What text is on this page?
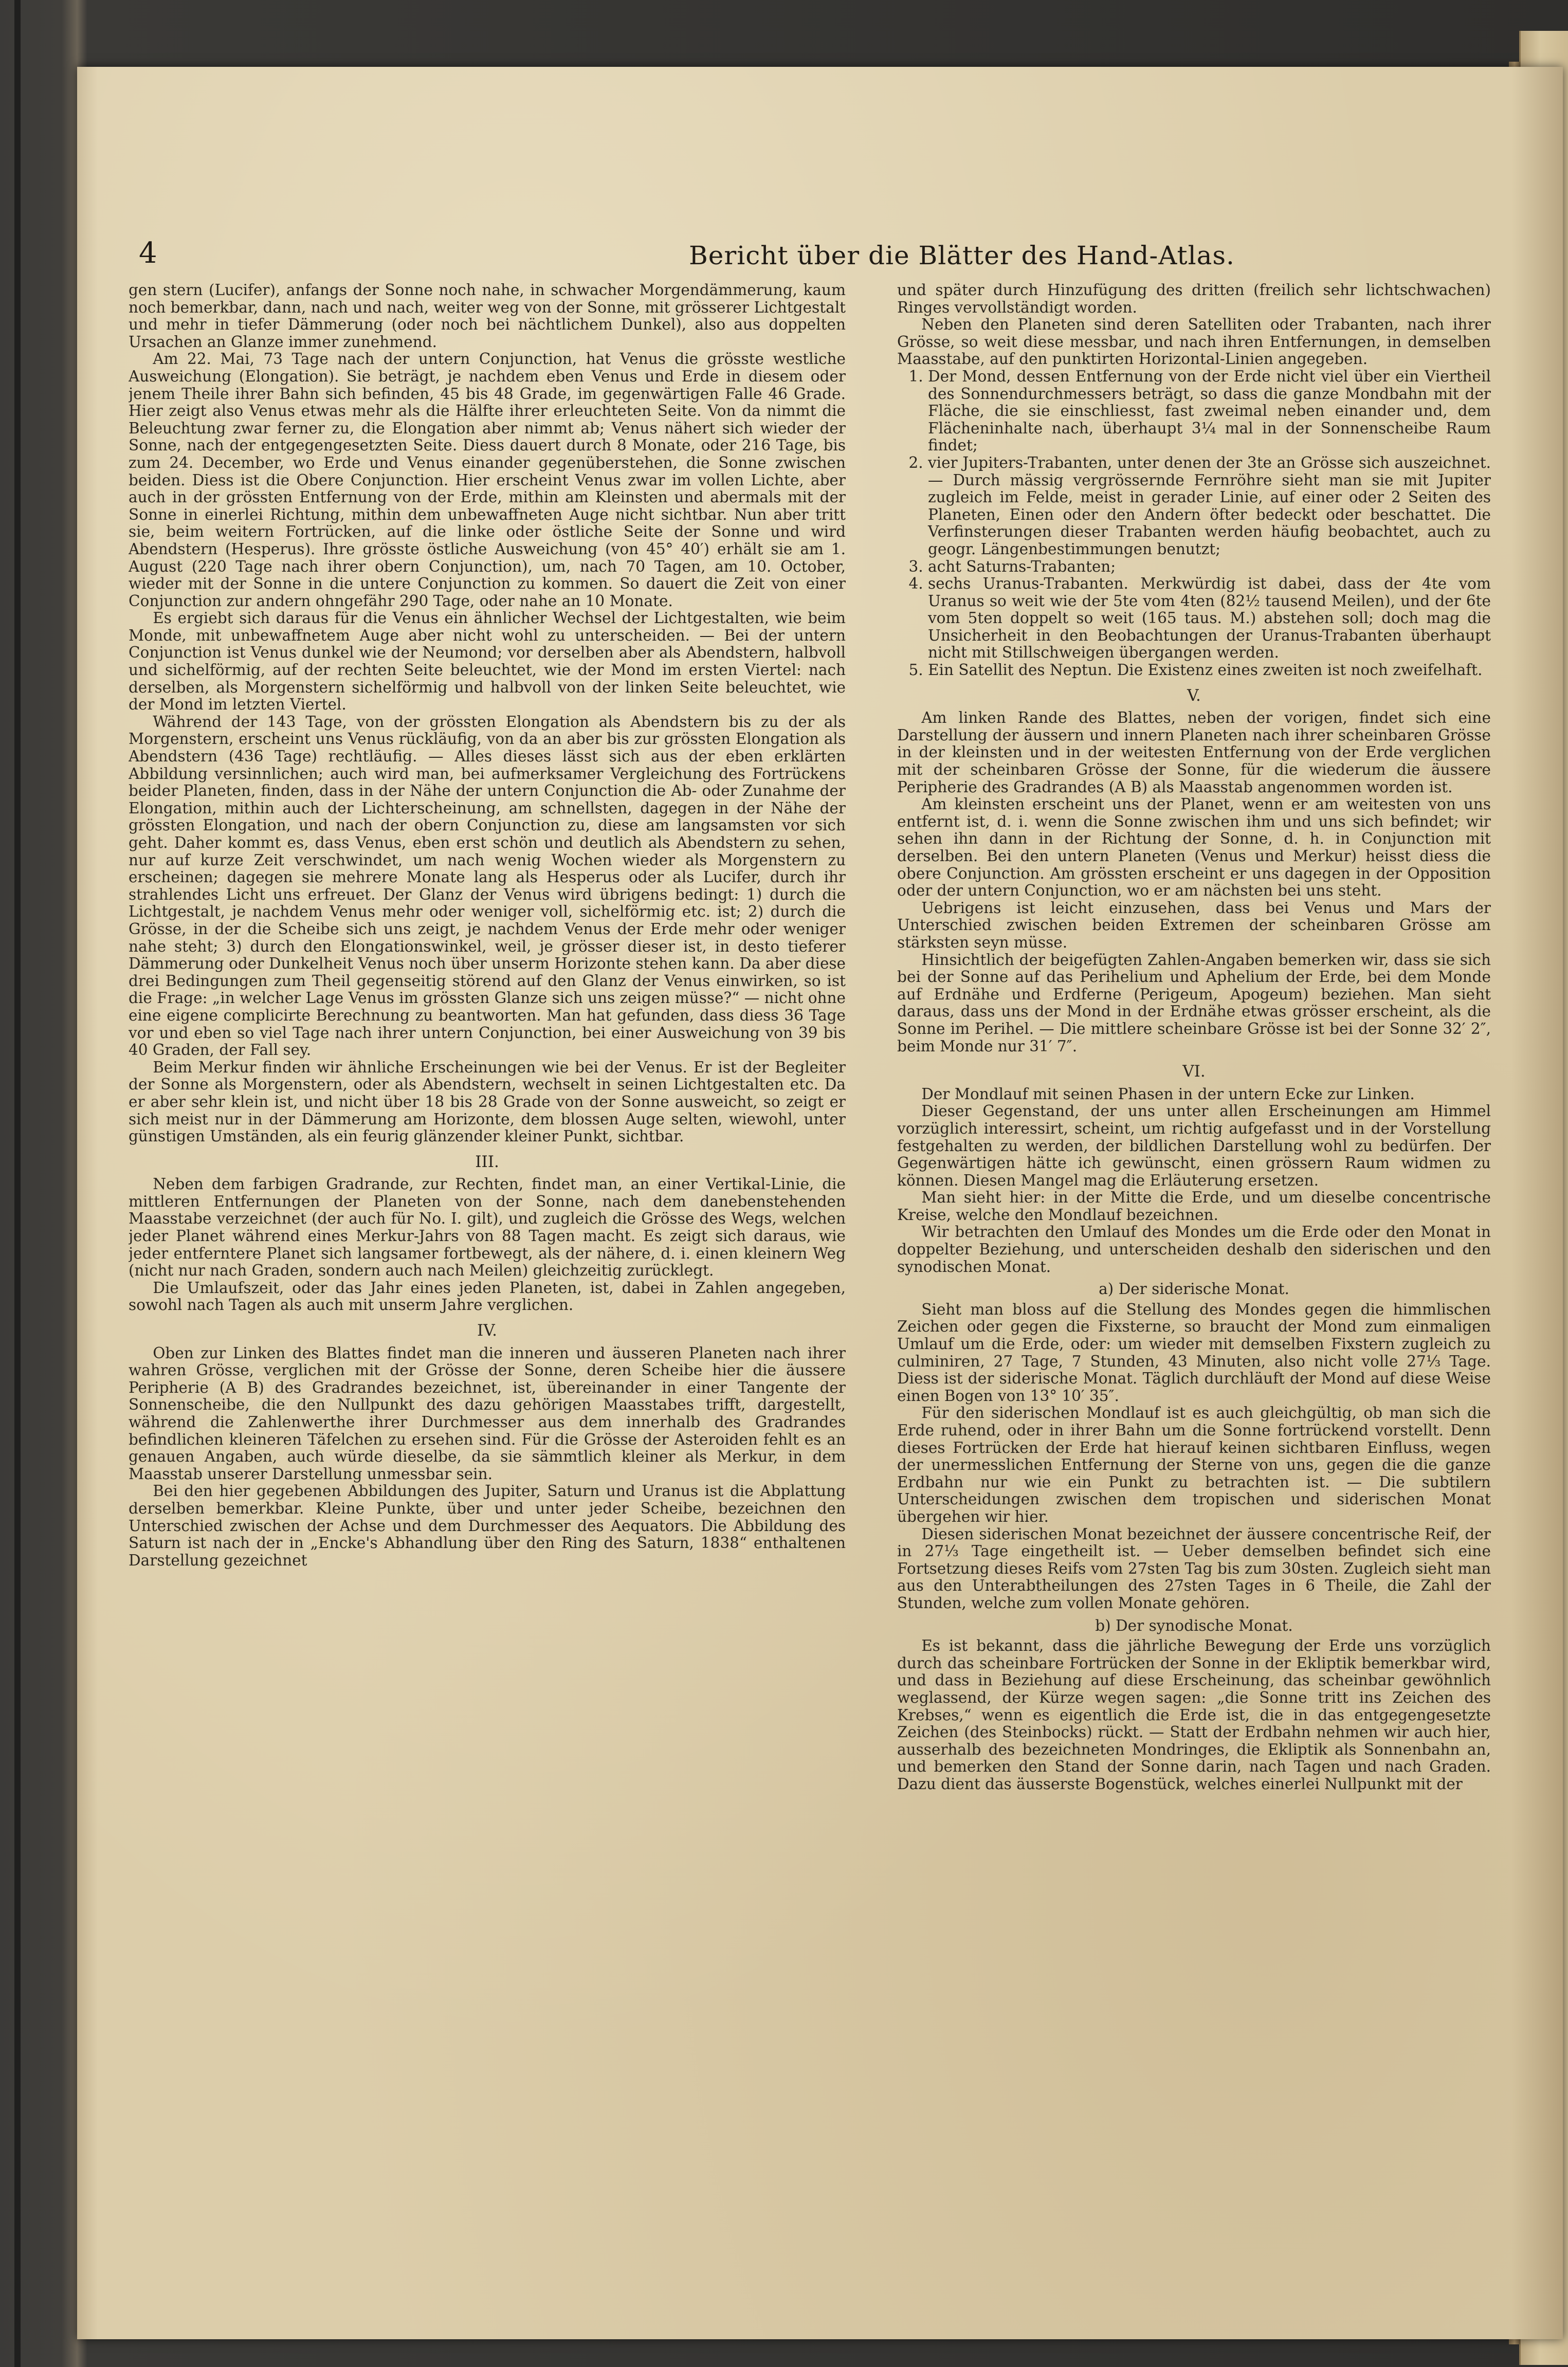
4	Bericht über die Blätter des Hand-Atlas.

gen stern (Lucifer), anfangs der Sonne noch nahe, in schwacher Morgendämmerung, kaum noch bemerkbar, dann, nach und nach, weiter weg von der Sonne, mit grösserer Lichtgestalt und mehr in tiefer Dämmerung (oder noch bei nächtlichem Dunkel), also aus doppelten Ursachen an Glanze immer zunehmend.

Am 22. Mai, 73 Tage nach der untern Conjunction, hat Venus die grösste westliche Ausweichung (Elongation). Sie beträgt, je nachdem eben Venus und Erde in diesem oder jenem Theile ihrer Bahn sich befinden, 45 bis 48 Grade, im gegenwärtigen Falle 46 Grade. Hier zeigt also Venus etwas mehr als die Hälfte ihrer erleuchteten Seite. Von da nimmt die Beleuchtung zwar ferner zu, die Elongation aber nimmt ab; Venus nähert sich wieder der Sonne, nach der entgegengesetzten Seite. Diess dauert durch 8 Monate, oder 216 Tage, bis zum 24. December, wo Erde und Venus einander gegenüberstehen, die Sonne zwischen beiden. Diess ist die Obere Conjunction. Hier erscheint Venus zwar im vollen Lichte, aber auch in der grössten Entfernung von der Erde, mithin am Kleinsten und abermals mit der Sonne in einerlei Richtung, mithin dem unbewaffneten Auge nicht sichtbar. Nun aber tritt sie, beim weitern Fortrücken, auf die linke oder östliche Seite der Sonne und wird Abendstern (Hesperus). Ihre grösste östliche Ausweichung (von 45° 40′) erhält sie am 1. August (220 Tage nach ihrer obern Conjunction), um, nach 70 Tagen, am 10. October, wieder mit der Sonne in die untere Conjunction zu kommen. So dauert die Zeit von einer Conjunction zur andern ohngefähr 290 Tage, oder nahe an 10 Monate.

Es ergiebt sich daraus für die Venus ein ähnlicher Wechsel der Lichtgestalten, wie beim Monde, mit unbewaffnetem Auge aber nicht wohl zu unterscheiden. — Bei der untern Conjunction ist Venus dunkel wie der Neumond; vor derselben aber als Abendstern, halbvoll und sichelförmig, auf der rechten Seite beleuchtet, wie der Mond im ersten Viertel: nach derselben, als Morgenstern sichelförmig und halbvoll von der linken Seite beleuchtet, wie der Mond im letzten Viertel.

Während der 143 Tage, von der grössten Elongation als Abendstern bis zu der als Morgenstern, erscheint uns Venus rückläufig, von da an aber bis zur grössten Elongation als Abendstern (436 Tage) rechtläufig. — Alles dieses lässt sich aus der eben erklärten Abbildung versinnlichen; auch wird man, bei aufmerksamer Vergleichung des Fortrückens beider Planeten, finden, dass in der Nähe der untern Conjunction die Ab- oder Zunahme der Elongation, mithin auch der Lichterscheinung, am schnellsten, dagegen in der Nähe der grössten Elongation, und nach der obern Conjunction zu, diese am langsamsten vor sich geht. Daher kommt es, dass Venus, eben erst schön und deutlich als Abendstern zu sehen, nur auf kurze Zeit verschwindet, um nach wenig Wochen wieder als Morgenstern zu erscheinen; dagegen sie mehrere Monate lang als Hesperus oder als Lucifer, durch ihr strahlendes Licht uns erfreuet. Der Glanz der Venus wird übrigens bedingt: 1) durch die Lichtgestalt, je nachdem Venus mehr oder weniger voll, sichelförmig etc. ist; 2) durch die Grösse, in der die Scheibe sich uns zeigt, je nachdem Venus der Erde mehr oder weniger nahe steht; 3) durch den Elongationswinkel, weil, je grösser dieser ist, in desto tieferer Dämmerung oder Dunkelheit Venus noch über unserm Horizonte stehen kann. Da aber diese drei Bedingungen zum Theil gegenseitig störend auf den Glanz der Venus einwirken, so ist die Frage: „in welcher Lage Venus im grössten Glanze sich uns zeigen müsse?“ — nicht ohne eine eigene complicirte Berechnung zu beantworten. Man hat gefunden, dass diess 36 Tage vor und eben so viel Tage nach ihrer untern Conjunction, bei einer Ausweichung von 39 bis 40 Graden, der Fall sey.

Beim Merkur finden wir ähnliche Erscheinungen wie bei der Venus. Er ist der Begleiter der Sonne als Morgenstern, oder als Abendstern, wechselt in seinen Lichtgestalten etc. Da er aber sehr klein ist, und nicht über 18 bis 28 Grade von der Sonne ausweicht, so zeigt er sich meist nur in der Dämmerung am Horizonte, dem blossen Auge selten, wiewohl, unter günstigen Umständen, als ein feurig glänzender kleiner Punkt, sichtbar.

III.

Neben dem farbigen Gradrande, zur Rechten, findet man, an einer Vertikal-Linie, die mittleren Entfernungen der Planeten von der Sonne, nach dem danebenstehenden Maasstabe verzeichnet (der auch für No. I. gilt), und zugleich die Grösse des Wegs, welchen jeder Planet während eines Merkur-Jahrs von 88 Tagen macht. Es zeigt sich daraus, wie jeder entferntere Planet sich langsamer fortbewegt, als der nähere, d. i. einen kleinern Weg (nicht nur nach Graden, sondern auch nach Meilen) gleichzeitig zurücklegt.

Die Umlaufszeit, oder das Jahr eines jeden Planeten, ist, dabei in Zahlen angegeben, sowohl nach Tagen als auch mit unserm Jahre verglichen.

IV.

Oben zur Linken des Blattes findet man die inneren und äusseren Planeten nach ihrer wahren Grösse, verglichen mit der Grösse der Sonne, deren Scheibe hier die äussere Peripherie (A B) des Gradrandes bezeichnet, ist, übereinander in einer Tangente der Sonnenscheibe, die den Nullpunkt des dazu gehörigen Maasstabes trifft, dargestellt, während die Zahlenwerthe ihrer Durchmesser aus dem innerhalb des Gradrandes befindlichen kleineren Täfelchen zu ersehen sind. Für die Grösse der Asteroiden fehlt es an genauen Angaben, auch würde dieselbe, da sie sämmtlich kleiner als Merkur, in dem Maasstab unserer Darstellung unmessbar sein.

Bei den hier gegebenen Abbildungen des Jupiter, Saturn und Uranus ist die Abplattung derselben bemerkbar. Kleine Punkte, über und unter jeder Scheibe, bezeichnen den Unterschied zwischen der Achse und dem Durchmesser des Aequators. Die Abbildung des Saturn ist nach der in „Encke's Abhandlung über den Ring des Saturn, 1838“ enthaltenen Darstellung gezeichnet

und später durch Hinzufügung des dritten (freilich sehr lichtschwachen) Ringes vervollständigt worden.

Neben den Planeten sind deren Satelliten oder Trabanten, nach ihrer Grösse, so weit diese messbar, und nach ihren Entfernungen, in demselben Maasstabe, auf den punktirten Horizontal-Linien angegeben.

1. Der Mond, dessen Entfernung von der Erde nicht viel über ein Viertheil des Sonnendurchmessers beträgt, so dass die ganze Mondbahn mit der Fläche, die sie einschliesst, fast zweimal neben einander und, dem Flächeninhalte nach, überhaupt 3¼ mal in der Sonnenscheibe Raum findet;
2. vier Jupiters-Trabanten, unter denen der 3te an Grösse sich auszeichnet. — Durch mässig vergrössernde Fernröhre sieht man sie mit Jupiter zugleich im Felde, meist in gerader Linie, auf einer oder 2 Seiten des Planeten, Einen oder den Andern öfter bedeckt oder beschattet. Die Verfinsterungen dieser Trabanten werden häufig beobachtet, auch zu geogr. Längenbestimmungen benutzt;
3. acht Saturns-Trabanten;
4. sechs Uranus-Trabanten. Merkwürdig ist dabei, dass der 4te vom Uranus so weit wie der 5te vom 4ten (82½ tausend Meilen), und der 6te vom 5ten doppelt so weit (165 taus. M.) abstehen soll; doch mag die Unsicherheit in den Beobachtungen der Uranus-Trabanten überhaupt nicht mit Stillschweigen übergangen werden.
5. Ein Satellit des Neptun. Die Existenz eines zweiten ist noch zweifelhaft.
V.

Am linken Rande des Blattes, neben der vorigen, findet sich eine Darstellung der äussern und innern Planeten nach ihrer scheinbaren Grösse in der kleinsten und in der weitesten Entfernung von der Erde verglichen mit der scheinbaren Grösse der Sonne, für die wiederum die äussere Peripherie des Gradrandes (A B) als Maasstab angenommen worden ist.

Am kleinsten erscheint uns der Planet, wenn er am weitesten von uns entfernt ist, d. i. wenn die Sonne zwischen ihm und uns sich befindet; wir sehen ihn dann in der Richtung der Sonne, d. h. in Conjunction mit derselben. Bei den untern Planeten (Venus und Merkur) heisst diess die obere Conjunction. Am grössten erscheint er uns dagegen in der Opposition oder der untern Conjunction, wo er am nächsten bei uns steht.

Uebrigens ist leicht einzusehen, dass bei Venus und Mars der Unterschied zwischen beiden Extremen der scheinbaren Grösse am stärksten seyn müsse.

Hinsichtlich der beigefügten Zahlen-Angaben bemerken wir, dass sie sich bei der Sonne auf das Perihelium und Aphelium der Erde, bei dem Monde auf Erdnähe und Erdferne (Perigeum, Apogeum) beziehen. Man sieht daraus, dass uns der Mond in der Erdnähe etwas grösser erscheint, als die Sonne im Perihel. — Die mittlere scheinbare Grösse ist bei der Sonne 32′ 2″, beim Monde nur 31′ 7″.

VI.

Der Mondlauf mit seinen Phasen in der untern Ecke zur Linken.

Dieser Gegenstand, der uns unter allen Erscheinungen am Himmel vorzüglich interessirt, scheint, um richtig aufgefasst und in der Vorstellung festgehalten zu werden, der bildlichen Darstellung wohl zu bedürfen. Der Gegenwärtigen hätte ich gewünscht, einen grössern Raum widmen zu können. Diesen Mangel mag die Erläuterung ersetzen.

Man sieht hier: in der Mitte die Erde, und um dieselbe concentrische Kreise, welche den Mondlauf bezeichnen.

Wir betrachten den Umlauf des Mondes um die Erde oder den Monat in doppelter Beziehung, und unterscheiden deshalb den siderischen und den synodischen Monat.

a) Der siderische Monat.

Sieht man bloss auf die Stellung des Mondes gegen die himmlischen Zeichen oder gegen die Fixsterne, so braucht der Mond zum einmaligen Umlauf um die Erde, oder: um wieder mit demselben Fixstern zugleich zu culminiren, 27 Tage, 7 Stunden, 43 Minuten, also nicht volle 27⅓ Tage. Diess ist der siderische Monat. Täglich durchläuft der Mond auf diese Weise einen Bogen von 13° 10′ 35″.

Für den siderischen Mondlauf ist es auch gleichgültig, ob man sich die Erde ruhend, oder in ihrer Bahn um die Sonne fortrückend vorstellt. Denn dieses Fortrücken der Erde hat hierauf keinen sichtbaren Einfluss, wegen der unermesslichen Entfernung der Sterne von uns, gegen die die ganze Erdbahn nur wie ein Punkt zu betrachten ist. — Die subtilern Unterscheidungen zwischen dem tropischen und siderischen Monat übergehen wir hier.

Diesen siderischen Monat bezeichnet der äussere concentrische Reif, der in 27⅓ Tage eingetheilt ist. — Ueber demselben befindet sich eine Fortsetzung dieses Reifs vom 27sten Tag bis zum 30sten. Zugleich sieht man aus den Unterabtheilungen des 27sten Tages in 6 Theile, die Zahl der Stunden, welche zum vollen Monate gehören.

b) Der synodische Monat.

Es ist bekannt, dass die jährliche Bewegung der Erde uns vorzüglich durch das scheinbare Fortrücken der Sonne in der Ekliptik bemerkbar wird, und dass in Beziehung auf diese Erscheinung, das scheinbar gewöhnlich weglassend, der Kürze wegen sagen: „die Sonne tritt ins Zeichen des Krebses,“ wenn es eigentlich die Erde ist, die in das entgegengesetzte Zeichen (des Steinbocks) rückt. — Statt der Erdbahn nehmen wir auch hier, ausserhalb des bezeichneten Mondringes, die Ekliptik als Sonnenbahn an, und bemerken den Stand der Sonne darin, nach Tagen und nach Graden. Dazu dient das äusserste Bogenstück, welches einerlei Nullpunkt mit der
